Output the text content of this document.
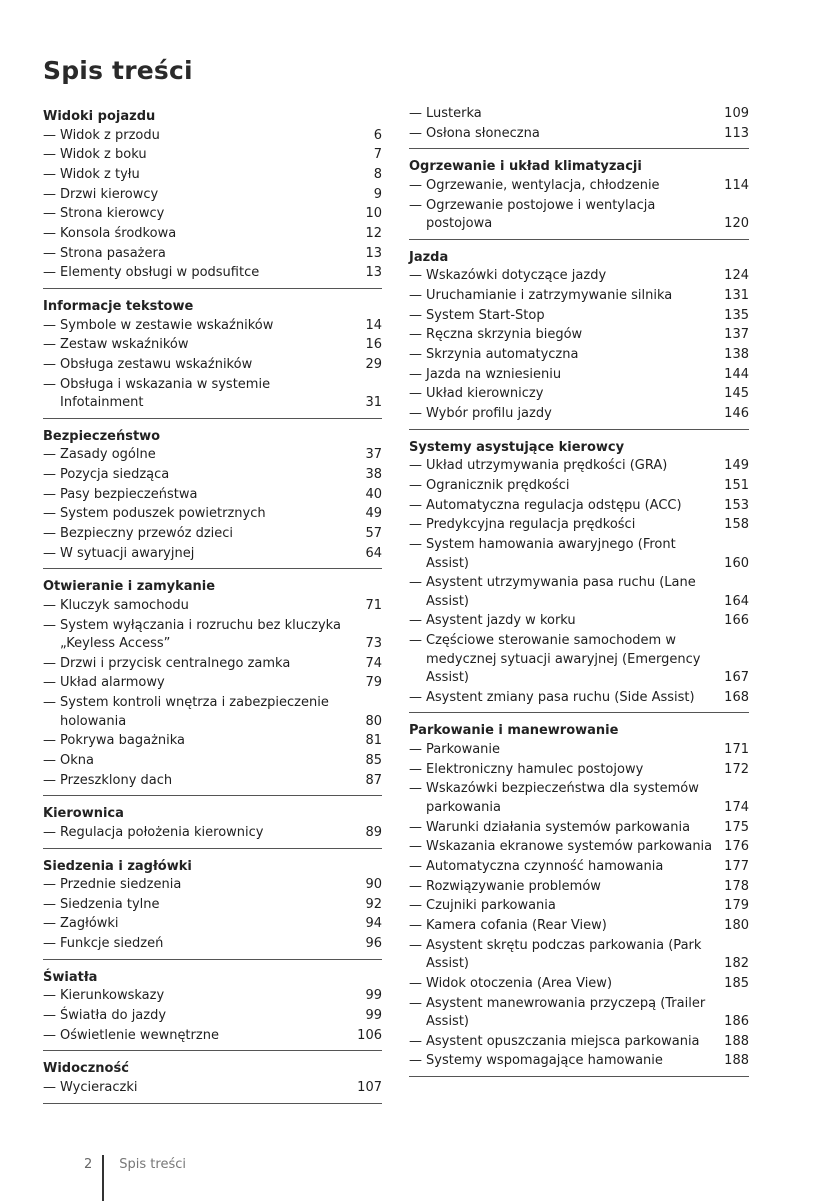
Spis treści
Widoki pojazdu
— Widok z przodu	6
— Widok z boku	7
— Widok z tyłu	8
— Drzwi kierowcy	9
— Strona kierowcy	10
— Konsola środkowa	12
— Strona pasażera	13
— Elementy obsługi w podsufitce	13
Informacje tekstowe
— Symbole w zestawie wskaźników	14
— Zestaw wskaźników	16
— Obsługa zestawu wskaźników	29
— Obsługa i wskazania w systemie
Infotainment	31
Bezpieczeństwo
— Zasady ogólne	37
— Pozycja siedząca	38
— Pasy bezpieczeństwa	40
— System poduszek powietrznych	49
— Bezpieczny przewóz dzieci	57
— W sytuacji awaryjnej	64
Otwieranie i zamykanie
— Kluczyk samochodu	71
— System wyłączania i rozruchu bez kluczyka
„Keyless Access”	73
— Drzwi i przycisk centralnego zamka	74
— Układ alarmowy	79
— System kontroli wnętrza i zabezpieczenie
holowania	80
— Pokrywa bagażnika	81
— Okna	85
— Przeszklony dach	87
Kierownica
— Regulacja położenia kierownicy	89
Siedzenia i zagłówki
— Przednie siedzenia	90
— Siedzenia tylne	92
— Zagłówki	94
— Funkcje siedzeń	96
Światła
— Kierunkowskazy	99
— Światła do jazdy	99
— Oświetlenie wewnętrzne	106
Widoczność
— Wycieraczki	107
— Lusterka	109
— Osłona słoneczna	113
Ogrzewanie i układ klimatyzacji
— Ogrzewanie, wentylacja, chłodzenie	114
— Ogrzewanie postojowe i wentylacja
postojowa	120
Jazda
— Wskazówki dotyczące jazdy	124
— Uruchamianie i zatrzymywanie silnika	131
— System Start-Stop	135
— Ręczna skrzynia biegów	137
— Skrzynia automatyczna	138
— Jazda na wzniesieniu	144
— Układ kierowniczy	145
— Wybór profilu jazdy	146
Systemy asystujące kierowcy
— Układ utrzymywania prędkości (GRA)	149
— Ogranicznik prędkości	151
— Automatyczna regulacja odstępu (ACC)	153
— Predykcyjna regulacja prędkości	158
— System hamowania awaryjnego (Front
Assist)	160
— Asystent utrzymywania pasa ruchu (Lane
Assist)	164
— Asystent jazdy w korku	166
— Częściowe sterowanie samochodem w
medycznej sytuacji awaryjnej (Emergency
Assist)	167
— Asystent zmiany pasa ruchu (Side Assist)	168
Parkowanie i manewrowanie
— Parkowanie	171
— Elektroniczny hamulec postojowy	172
— Wskazówki bezpieczeństwa dla systemów
parkowania	174
— Warunki działania systemów parkowania	175
— Wskazania ekranowe systemów parkowania 176
— Automatyczna czynność hamowania	177
— Rozwiązywanie problemów	178
— Czujniki parkowania	179
— Kamera cofania (Rear View)	180
— Asystent skrętu podczas parkowania (Park
Assist)	182
— Widok otoczenia (Area View)	185
— Asystent manewrowania przyczepą (Trailer
Assist)	186
— Asystent opuszczania miejsca parkowania	188
— Systemy wspomagające hamowanie	188
2 Spis treści
